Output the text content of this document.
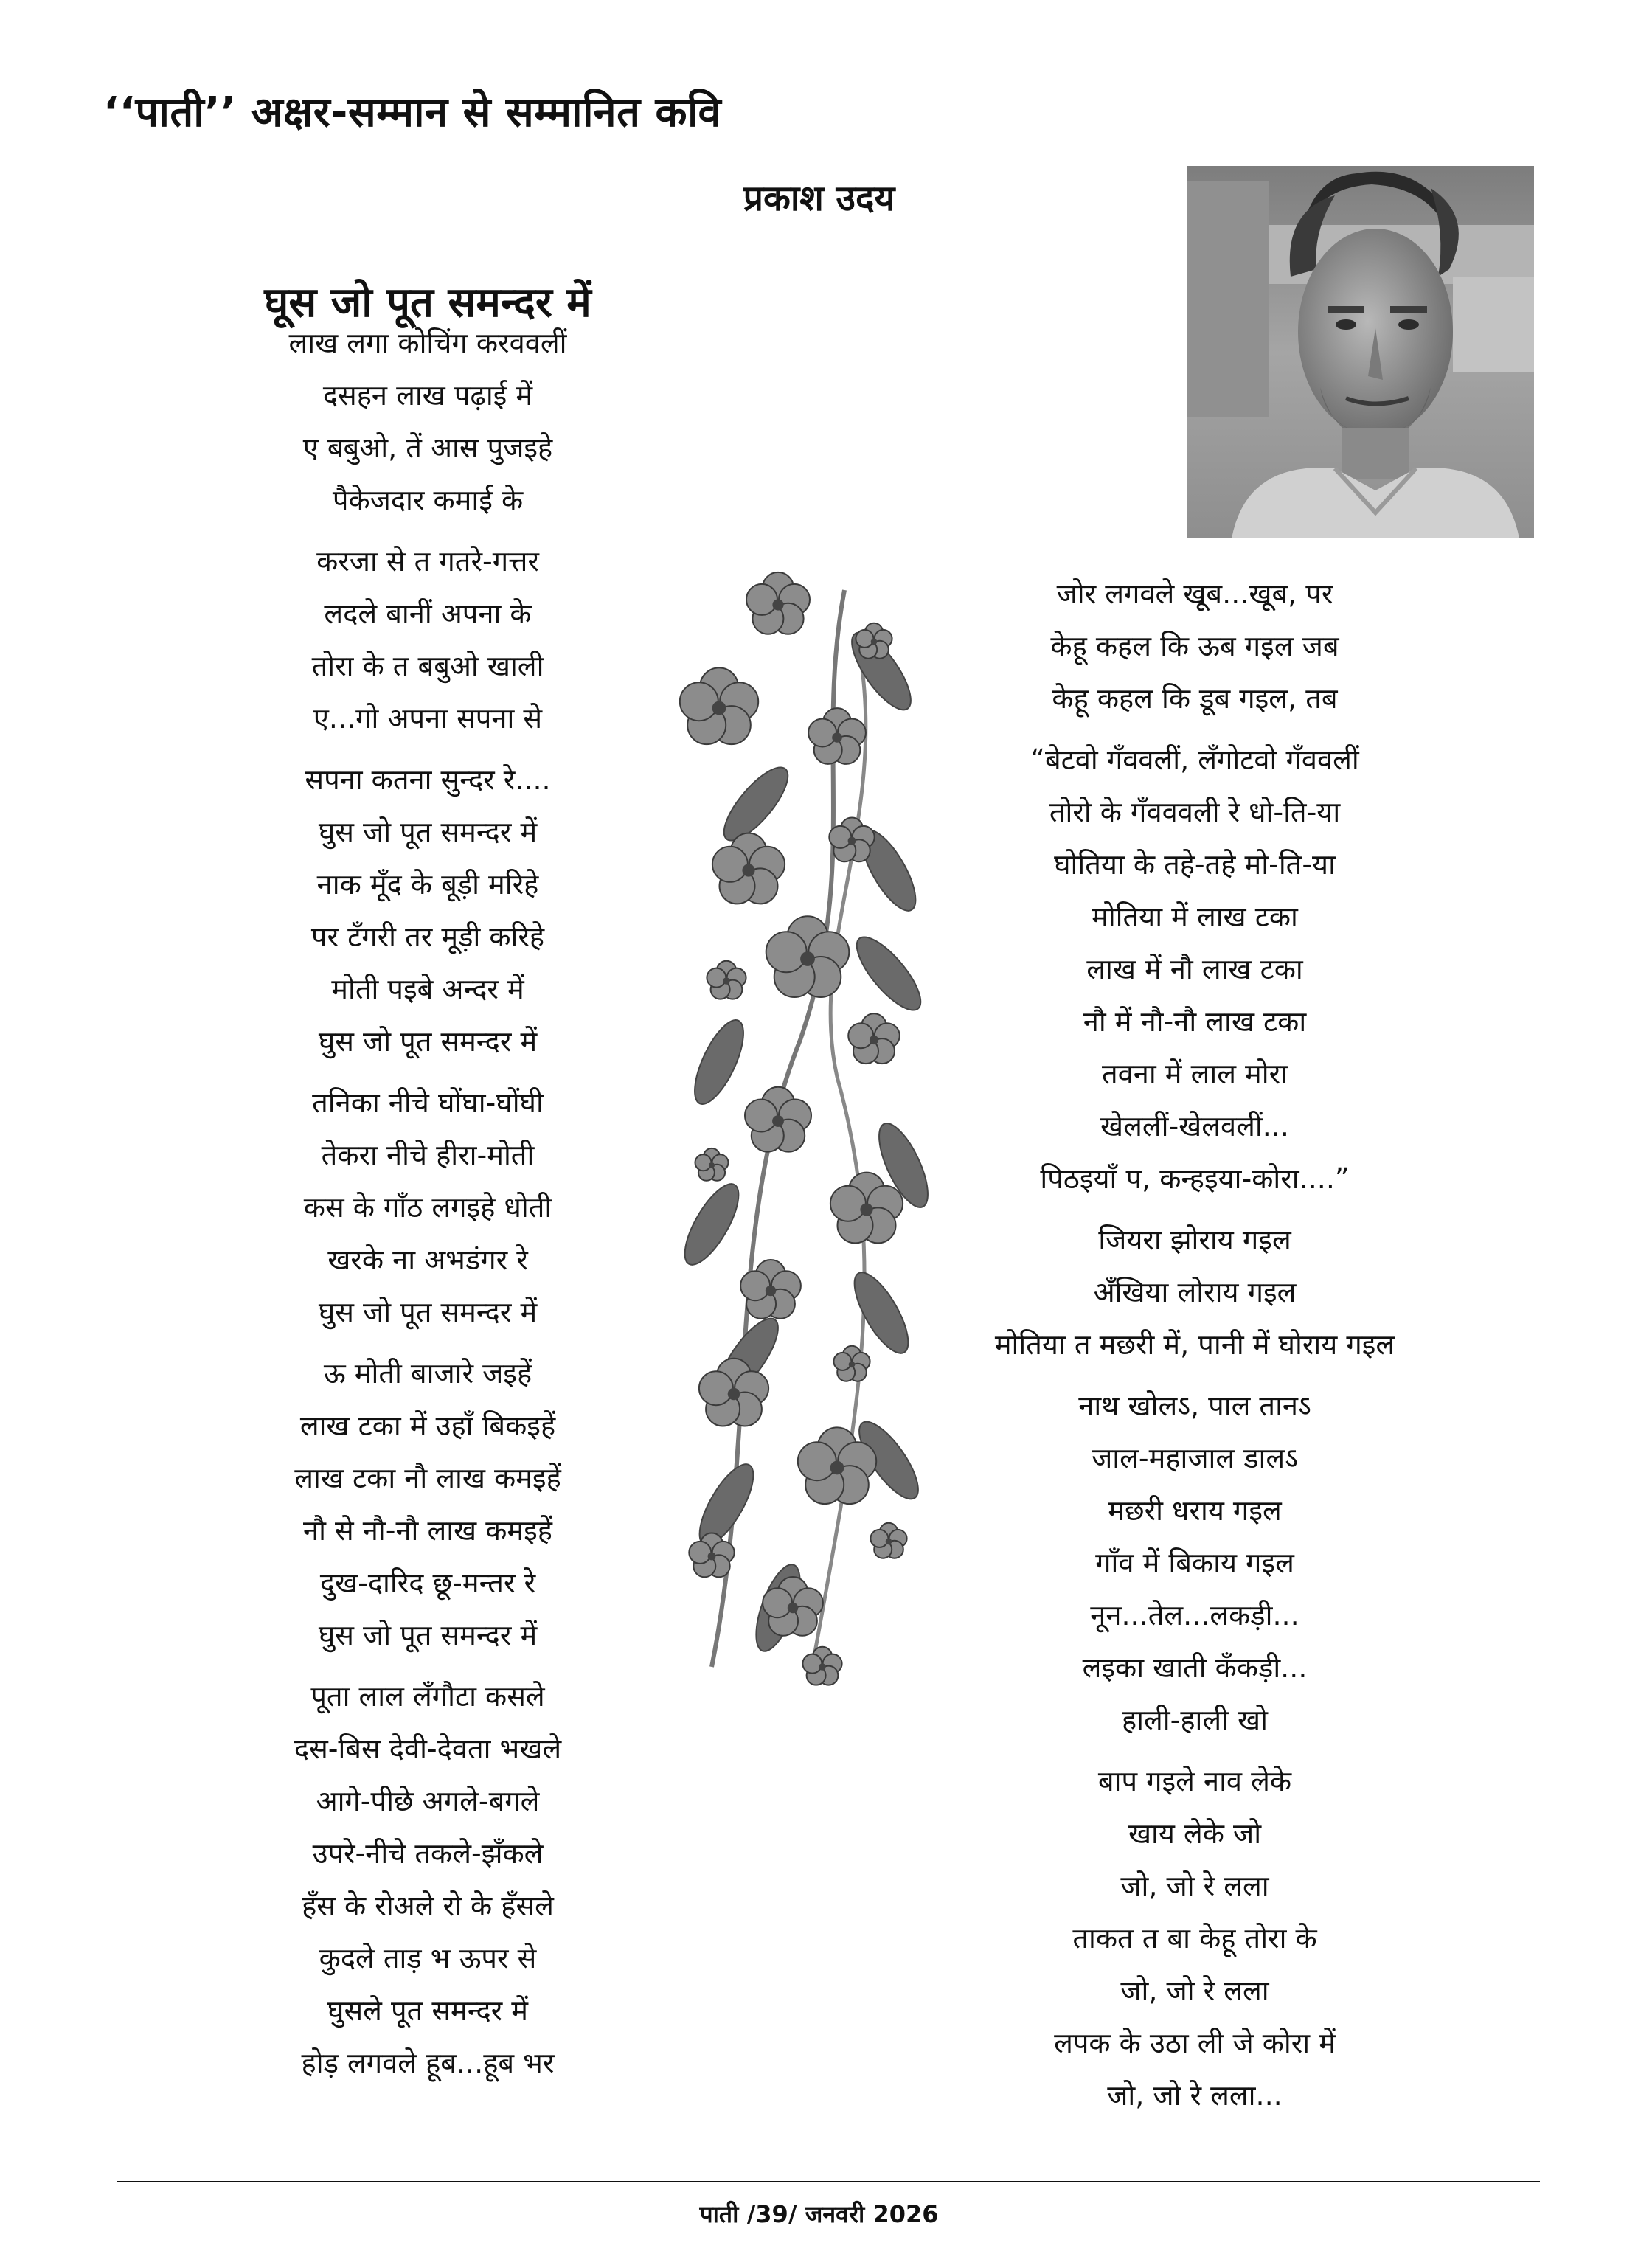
‘‘पाती’’ अक्षर-सम्मान से सम्मानित कवि
प्रकाश उदय
घूस जो पूत समन्दर में
लाख लगा कोचिंग करववलीं
दसहन लाख पढ़ाई में
ए बबुओ, तें आस पुजइहे
पैकेजदार कमाई के
करजा से त गतरे-गत्तर
लदले बानीं अपना के
तोरा के त बबुओ खाली
ए...गो अपना सपना से
सपना कतना सुन्दर रे....
घुस जो पूत समन्दर में
नाक मूँद के बूड़ी मरिहे
पर टँगरी तर मूड़ी करिहे
मोती पइबे अन्दर में
घुस जो पूत समन्दर में
तनिका नीचे घोंघा-घोंघी
तेकरा नीचे हीरा-मोती
कस के गाँठ लगइहे धोती
खरके ना अभडंगर रे
घुस जो पूत समन्दर में
ऊ मोती बाजारे जइहें
लाख टका में उहाँ बिकइहें
लाख टका नौ लाख कमइहें
नौ से नौ-नौ लाख कमइहें
दुख-दारिद छू-मन्तर रे
घुस जो पूत समन्दर में
पूता लाल लँगौटा कसले
दस-बिस देवी-देवता भखले
आगे-पीछे अगले-बगले
उपरे-नीचे तकले-झँकले
हँस के रोअले रो के हँसले
कुदले ताड़ भ ऊपर से
घुसले पूत समन्दर में
होड़ लगवले हूब...हूब भर
जोर लगवले खूब...खूब, पर
केहू कहल कि ऊब गइल जब
केहू कहल कि डूब गइल, तब
“बेटवो गँववलीं, लँगोटवो गँववलीं
तोरो के गँवववली रे धो-ति-या
घोतिया के तहे-तहे मो-ति-या
मोतिया में लाख टका
लाख में नौ लाख टका
नौ में नौ-नौ लाख टका
तवना में लाल मोरा
खेललीं-खेलवलीं...
पिठइयाँ प, कन्हइया-कोरा....”
जियरा झोराय गइल
अँखिया लोराय गइल
मोतिया त मछरी में, पानी में घोराय गइल
नाथ खोलऽ, पाल तानऽ
जाल-महाजाल डालऽ
मछरी धराय गइल
गाँव में बिकाय गइल
नून...तेल...लकड़ी...
लइका खाती कँकड़ी...
हाली-हाली खो
बाप गइले नाव लेके
खाय लेके जो
जो, जो रे लला
ताकत त बा केहू तोरा के
जो, जो रे लला
लपक के उठा ली जे कोरा में
जो, जो रे लला...
पाती /39/ जनवरी 2026
